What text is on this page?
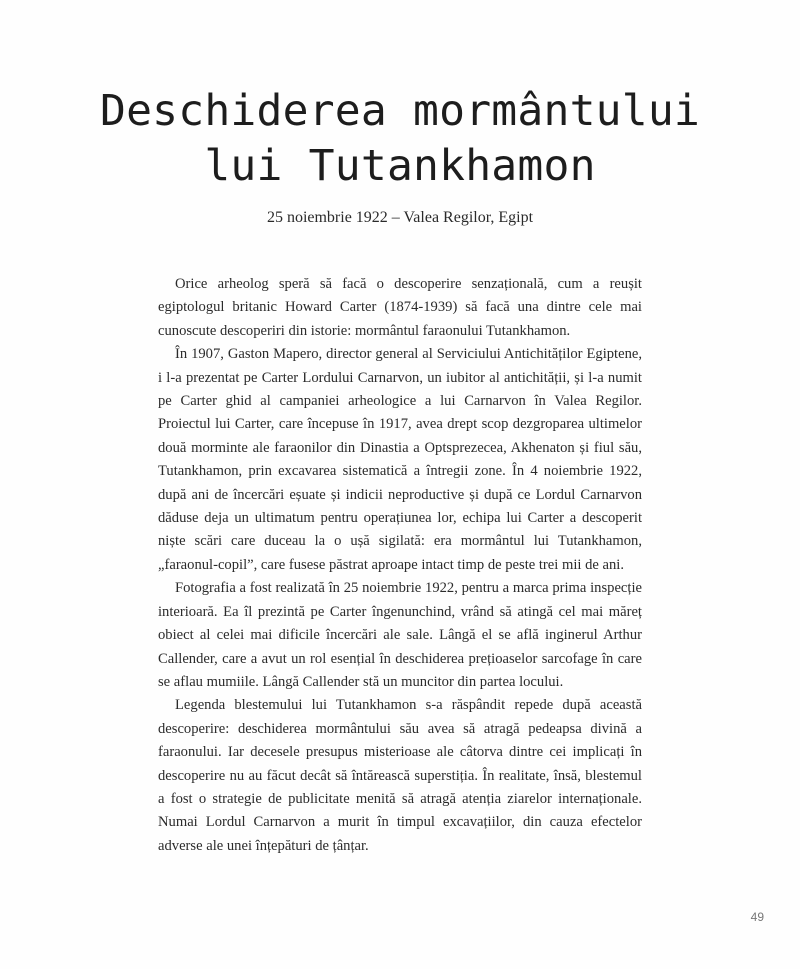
Deschiderea mormântului
lui Tutankhamon

25 noiembrie 1922 – Valea Regilor, Egipt

Orice arheolog speră să facă o descoperire senzațională, cum a reușit egiptologul britanic Howard Carter (1874-1939) să facă una dintre cele mai cunoscute descoperiri din istorie: mormântul faraonului Tutankhamon.

În 1907, Gaston Mapero, director general al Serviciului Antichităților Egiptene, i l-a prezentat pe Carter Lordului Carnarvon, un iubitor al antichității, și l-a numit pe Carter ghid al campaniei arheologice a lui Carnarvon în Valea Regilor. Proiectul lui Carter, care începuse în 1917, avea drept scop dezgroparea ultimelor două morminte ale faraonilor din Dinastia a Optsprezecea, Akhenaton și fiul său, Tutankhamon, prin excavarea sistematică a întregii zone. În 4 noiembrie 1922, după ani de încercări eșuate și indicii neproductive și după ce Lordul Carnarvon dăduse deja un ultimatum pentru operațiunea lor, echipa lui Carter a descoperit niște scări care duceau la o ușă sigilată: era mormântul lui Tutankhamon, „faraonul-copil”, care fusese păstrat aproape intact timp de peste trei mii de ani.

Fotografia a fost realizată în 25 noiembrie 1922, pentru a marca prima inspecție interioară. Ea îl prezintă pe Carter îngenunchind, vrând să atingă cel mai măreț obiect al celei mai dificile încercări ale sale. Lângă el se află inginerul Arthur Callender, care a avut un rol esențial în deschiderea prețioaselor sarcofage în care se aflau mumiile. Lângă Callender stă un muncitor din partea locului.

Legenda blestemului lui Tutankhamon s-a răspândit repede după această descoperire: deschiderea mormântului său avea să atragă pedeapsa divină a faraonului. Iar decesele presupus misterioase ale câtorva dintre cei implicați în descoperire nu au făcut decât să întărească superstiția. În realitate, însă, blestemul a fost o strategie de publicitate menită să atragă atenția ziarelor internaționale. Numai Lordul Carnarvon a murit în timpul excavațiilor, din cauza efectelor adverse ale unei înțepături de țânțar.

49
